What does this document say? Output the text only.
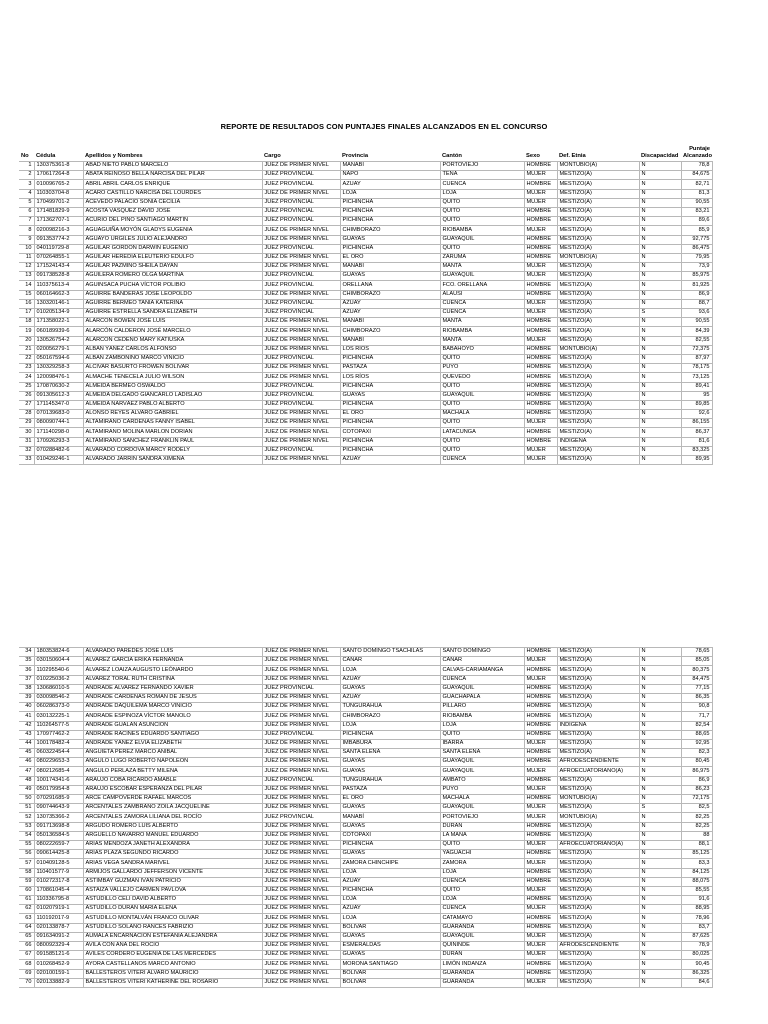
REPORTE DE RESULTADOS CON PUNTAJES FINALES ALCANZADOS EN EL CONCURSO
No	Cédula	Apellidos y Nombres	Cargo	Provincia	Cantón	Sexo	Def. Etnia	Discapacidad	Puntaje
Alcanzado
1	130375361-8	ABAD NIETO PABLO MARCELO	JUEZ DE PRIMER NIVEL	MANABÍ	PORTOVIEJO	HOMBRE	MONTUBIO(A)	N	78,8
2	170617264-8	ABATA REINOSO BELLA NARCISA DEL PILAR	JUEZ PROVINCIAL	NAPO	TENA	MUJER	MESTIZO(A)	N	84,675
3	010096765-2	ABRIL ABRIL CARLOS ENRIQUE	JUEZ PROVINCIAL	AZUAY	CUENCA	HOMBRE	MESTIZO(A)	N	82,71
4	110303704-8	ACARO CASTILLO NARCISA DEL LOURDES	JUEZ DE PRIMER NIVEL	LOJA	LOJA	MUJER	MESTIZO(A)	N	81,3
5	170499701-2	ACEVEDO PALACIO SONIA CECILIA	JUEZ PROVINCIAL	PICHINCHA	QUITO	MUJER	MESTIZO(A)	N	90,55
6	171481829-9	ACOSTA VÁSQUEZ DAVID JOSÉ	JUEZ PROVINCIAL	PICHINCHA	QUITO	HOMBRE	MESTIZO(A)	N	83,21
7	171362707-1	ACURIO DEL PINO SANTIAGO MARTÍN	JUEZ PROVINCIAL	PICHINCHA	QUITO	HOMBRE	MESTIZO(A)	N	89,6
8	020098216-3	AGUAGUIÑA MOYÓN GLADYS EUGENIA	JUEZ DE PRIMER NIVEL	CHIMBORAZO	RIOBAMBA	MUJER	MESTIZO(A)	N	85,9
9	091353774-2	AGUAYO URGILES JULIO ALEJANDRO	JUEZ DE PRIMER NIVEL	GUAYAS	GUAYAQUIL	HOMBRE	MESTIZO(A)	N	92,775
10	040119729-8	AGUILAR GORDÓN DARWIN EUGENIO	JUEZ PROVINCIAL	PICHINCHA	QUITO	HOMBRE	MESTIZO(A)	N	86,475
11	070264855-1	AGUILAR HEREDIA ELEUTERIO EDULFO	JUEZ DE PRIMER NIVEL	EL ORO	ZARUMA	HOMBRE	MONTUBIO(A)	N	79,95
12	171524143-4	AGUILAR PAZMIÑO SHEILA DAYAN	JUEZ DE PRIMER NIVEL	MANABÍ	MANTA	MUJER	MESTIZO(A)	N	73,9
13	091738528-8	AGUILERA ROMERO OLGA MARTINA	JUEZ PROVINCIAL	GUAYAS	GUAYAQUIL	MUJER	MESTIZO(A)	N	85,975
14	110375613-4	AGUINSACA PUCHA VÍCTOR POLIBIO	JUEZ PROVINCIAL	ORELLANA	FCO. ORELLANA	HOMBRE	MESTIZO(A)	N	81,925
15	060164662-3	AGUIRRE BANDERAS JOSÉ LEOPOLDO	JUEZ DE PRIMER NIVEL	CHIMBORAZO	ALAUSÍ	HOMBRE	MESTIZO(A)	N	86,9
16	130320146-1	AGUIRRE BERMEO TANIA KATERINA	JUEZ PROVINCIAL	AZUAY	CUENCA	MUJER	MESTIZO(A)	N	88,7
17	010205134-9	AGUIRRE ESTRELLA SANDRA ELIZABETH	JUEZ PROVINCIAL	AZUAY	CUENCA	MUJER	MESTIZO(A)	S	93,6
18	171358022-1	ALARCÓN BOWEN JOSÉ LUIS	JUEZ DE PRIMER NIVEL	MANABÍ	MANTA	HOMBRE	MESTIZO(A)	N	90,55
19	060189939-6	ALARCÓN CALDERON JOSÉ MARCELO	JUEZ DE PRIMER NIVEL	CHIMBORAZO	RIOBAMBA	HOMBRE	MESTIZO(A)	N	84,39
20	130526754-2	ALARCÓN CEDEÑO MARY KATIUSKA	JUEZ DE PRIMER NIVEL	MANABÍ	MANTA	MUJER	MESTIZO(A)	N	82,55
21	020056279-1	ALBÁN YÁNEZ CARLOS ALFONSO	JUEZ DE PRIMER NIVEL	LOS RÍOS	BABAHOYO	HOMBRE	MONTUBIO(A)	N	72,375
22	050167594-6	ALBÁN ZAMBONINO MARCO VINICIO	JUEZ PROVINCIAL	PICHINCHA	QUITO	HOMBRE	MESTIZO(A)	N	87,97
23	130329258-3	ALCÍVAR BASURTO FROWEN BOLÍVAR	JUEZ DE PRIMER NIVEL	PASTAZA	PUYO	HOMBRE	MESTIZO(A)	N	78,175
24	120098476-1	ALMACHE TENECELA JULIO WILSON	JUEZ DE PRIMER NIVEL	LOS RÍOS	QUEVEDO	HOMBRE	MESTIZO(A)	N	73,125
25	170870630-2	ALMEIDA BERMEO OSWALDO	JUEZ PROVINCIAL	PICHINCHA	QUITO	HOMBRE	MESTIZO(A)	N	89,41
26	091305612-3	ALMEIDA DELGADO GIANCARLO LADISLAO	JUEZ PROVINCIAL	GUAYAS	GUAYAQUIL	HOMBRE	MESTIZO(A)	N	95
27	171145347-0	ALMEIDA NARVÁEZ PABLO ALBERTO	JUEZ PROVINCIAL	PICHINCHA	QUITO	HOMBRE	MESTIZO(A)	N	89,85
28	070139683-0	ALONSO REYES ÁLVARO GABRIEL	JUEZ DE PRIMER NIVEL	EL ORO	MACHALA	HOMBRE	MESTIZO(A)	N	92,6
29	080090744-1	ALTAMIRANO CÁRDENAS FANNY ISABEL	JUEZ DE PRIMER NIVEL	PICHINCHA	QUITO	MUJER	MESTIZO(A)	N	86,155
30	171140298-0	ALTAMIRANO MOLINA MARLON DORIAN	JUEZ DE PRIMER NIVEL	COTOPAXI	LATACUNGA	HOMBRE	MESTIZO(A)	N	86,37
31	170926293-3	ALTAMIRANO SÁNCHEZ FRANKLIN PAUL	JUEZ DE PRIMER NIVEL	PICHINCHA	QUITO	HOMBRE	INDIGENA	N	81,6
32	070288482-6	ALVARADO CÓRDOVA MARCY RODELY	JUEZ PROVINCIAL	PICHINCHA	QUITO	MUJER	MESTIZO(A)	N	83,325
33	010429246-1	ALVARADO JARRIN SANDRA XIMENA	JUEZ DE PRIMER NIVEL	AZUAY	CUENCA	MUJER	MESTIZO(A)	N	89,95
34	180353824-6	ALVARADO PAREDES JOSÉ LUIS	JUEZ DE PRIMER NIVEL	SANTO DOMINGO TSACHILAS	SANTO DOMINGO	HOMBRE	MESTIZO(A)	N	78,65
35	030150604-4	ÁLVAREZ GARCÍA ERIKA FERNANDA	JUEZ DE PRIMER NIVEL	CAÑAR	CAÑAR	MUJER	MESTIZO(A)	N	85,05
36	110295540-6	ÁLVAREZ LOAIZA AUGUSTO LEÓNARDO	JUEZ DE PRIMER NIVEL	LOJA	CALVAS-CARIAMANGA	HOMBRE	MESTIZO(A)	N	80,375
37	010225036-2	ÁLVAREZ TORAL RUTH CRISTINA	JUEZ DE PRIMER NIVEL	AZUAY	CUENCA	MUJER	MESTIZO(A)	N	84,475
38	130686010-5	ANDRADE ÁLVAREZ FERNANDO XAVIER	JUEZ PROVINCIAL	GUAYAS	GUAYAQUIL	HOMBRE	MESTIZO(A)	N	77,15
39	030098546-2	ANDRADE CÁRDENAS ROMÁN DE JESÚS	JUEZ DE PRIMER NIVEL	AZUAY	GUACHAPALA	HOMBRE	MESTIZO(A)	N	86,35
40	060286373-0	ANDRADE DAQUILEMA MARCO VINICIO	JUEZ DE PRIMER NIVEL	TUNGURAHUA	PILLARO	HOMBRE	MESTIZO(A)	N	90,8
41	030132225-1	ANDRADE ESPINOZA VÍCTOR MANOLO	JUEZ DE PRIMER NIVEL	CHIMBORAZO	RIOBAMBA	HOMBRE	MESTIZO(A)	N	71,7
42	110264577-5	ANDRADE GUALAN ASUNCIÓN	JUEZ DE PRIMER NIVEL	LOJA	LOJA	HOMBRE	INDIGENA	N	82,54
43	170977462-2	ANDRADE RACINES EDUARDO SANTIAGO	JUEZ PROVINCIAL	PICHINCHA	QUITO	HOMBRE	MESTIZO(A)	N	88,65
44	100178482-4	ANDRADE YÁNEZ ELVIA ELIZABETH	JUEZ DE PRIMER NIVEL	IMBABURA	IBARRA	MUJER	MESTIZO(A)	N	92,95
45	060322454-4	ANGUIETA PÉREZ MARCO ANIBAL	JUEZ DE PRIMER NIVEL	SANTA ELENA	SANTA ELENA	HOMBRE	MESTIZO(A)	N	82,3
46	080229653-3	ANGULO LUGO ROBERTO NAPOLEÓN	JUEZ DE PRIMER NIVEL	GUAYAS	GUAYAQUIL	HOMBRE	AFRODESCENDIENTE	N	80,45
47	080212685-4	ANGULO PERLAZA BETTY MILENA	JUEZ DE PRIMER NIVEL	GUAYAS	GUAYAQUIL	MUJER	AFROECUATORIANO(A)	N	86,975
48	100174341-6	ARAUJO COBA RICARDO AMABLE	JUEZ PROVINCIAL	TUNGURAHUA	AMBATO	HOMBRE	MESTIZO(A)	N	86,9
49	050179954-8	ARAUJO ESCOBAR ESPERANZA DEL PILAR	JUEZ DE PRIMER NIVEL	PASTAZA	PUYO	MUJER	MESTIZO(A)	N	86,23
50	070291685-9	ARCE CAMPOVERDE RAFAEL MARCOS	JUEZ DE PRIMER NIVEL	EL ORO	MACHALA	HOMBRE	MONTUBIO(A)	N	72,175
51	090744643-9	ARCENTALES ZAMBRANO ZOILA JACQUELINE	JUEZ DE PRIMER NIVEL	GUAYAS	GUAYAQUIL	MUJER	MESTIZO(A)	S	82,5
52	130735366-2	ARCENTALES ZAMORA LILIANA DEL ROCÍO	JUEZ PROVINCIAL	MANABÍ	PORTOVIEJO	MUJER	MONTUBIO(A)	N	82,25
53	091713698-8	ARGUDO ROMERO LUIS ALBERTO	JUEZ DE PRIMER NIVEL	GUAYAS	DURÁN	HOMBRE	MESTIZO(A)	N	82,25
54	050136584-5	ARGUELLO NAVARRO MANUEL EDUARDO	JUEZ DE PRIMER NIVEL	COTOPAXI	LA MANA	HOMBRE	MESTIZO(A)	N	88
55	080222659-7	ARIAS MENDOZA JANETH ALEXANDRA	JUEZ DE PRIMER NIVEL	PICHINCHA	QUITO	MUJER	AFROECUATORIANO(A)	N	88,1
56	090614425-8	ARIAS PLAZA SEGUNDO RICARDO	JUEZ DE PRIMER NIVEL	GUAYAS	YAGUACHI	HOMBRE	MESTIZO(A)	N	85,125
57	010409128-5	ARIAS VEGA SANDRA MARIVEL	JUEZ DE PRIMER NIVEL	ZAMORA CHINCHIPE	ZAMORA	MUJER	MESTIZO(A)	N	83,3
58	110401577-9	ARMIJOS GALLARDO JEFFERSON VICENTE	JUEZ DE PRIMER NIVEL	LOJA	LOJA	HOMBRE	MESTIZO(A)	N	84,125
59	010272317-8	ASTIMBAY GUZMÁN IVÁN PATRICIO	JUEZ DE PRIMER NIVEL	AZUAY	CUENCA	HOMBRE	MESTIZO(A)	N	88,075
60	170861045-4	ASTAIZA VALLEJO CARMEN PAVLOVA	JUEZ DE PRIMER NIVEL	PICHINCHA	QUITO	MUJER	MESTIZO(A)	N	85,55
61	110336795-8	ASTUDILLO CELI DAVID ALBERTO	JUEZ DE PRIMER NIVEL	LOJA	LOJA	HOMBRE	MESTIZO(A)	N	91,6
62	010207919-1	ASTUDILLO DURÁN MARÍA ELENA	JUEZ DE PRIMER NIVEL	AZUAY	CUENCA	MUJER	MESTIZO(A)	N	88,95
63	110192017-9	ASTUDILLO MONTALVÁN FRANCO OLIVAR	JUEZ DE PRIMER NIVEL	LOJA	CATAMAYO	HOMBRE	MESTIZO(A)	N	78,96
64	020133878-7	ASTUDILLO SOLANO RANCES FABRIZIO	JUEZ DE PRIMER NIVEL	BOLÍVAR	GUARANDA	HOMBRE	MESTIZO(A)	N	83,7
65	091634091-2	AUMALA ENCARNACIÓN ESTEFANÍA ALEJANDRA	JUEZ DE PRIMER NIVEL	GUAYAS	GUAYAQUIL	MUJER	MESTIZO(A)	N	87,625
66	080092329-4	AVILA CON ANA DEL ROCÍO	JUEZ DE PRIMER NIVEL	ESMERALDAS	QUININDE	MUJER	AFRODESCENDIENTE	N	78,9
67	091585121-6	AVILÉS CORDERO EUGENIA DE LAS MERCEDES	JUEZ DE PRIMER NIVEL	GUAYAS	DURÁN	MUJER	MESTIZO(A)	N	80,025
68	010268452-9	AYORA CASTELLANOS MARCO ANTONIO	JUEZ DE PRIMER NIVEL	MORONA SANTIAGO	LIMÓN INDANZA	HOMBRE	MESTIZO(A)	N	90,45
69	020100159-1	BALLESTEROS VITERI ÁLVARO MAURICIO	JUEZ DE PRIMER NIVEL	BOLÍVAR	GUARANDA	HOMBRE	MESTIZO(A)	N	86,325
70	020133882-9	BALLESTEROS VITERI KATHERINE DEL ROSARIO	JUEZ DE PRIMER NIVEL	BOLÍVAR	GUARANDA	MUJER	MESTIZO(A)	N	84,6
